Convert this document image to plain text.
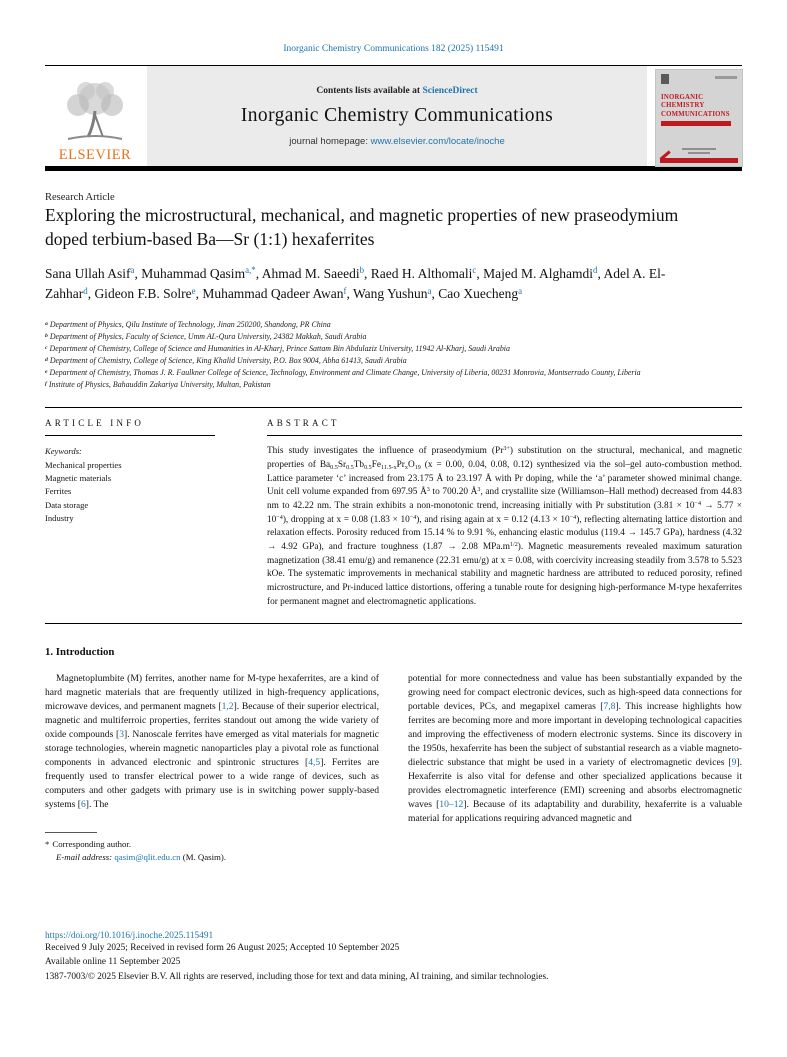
Inorganic Chemistry Communications 182 (2025) 115491
ELSEVIER
Contents lists available at ScienceDirect
Inorganic Chemistry Communications
journal homepage: www.elsevier.com/locate/inoche
INORGANIC
CHEMISTRY
COMMUNICATIONS
Research Article
Exploring the microstructural, mechanical, and magnetic properties of new praseodymium doped terbium-based Ba—Sr (1:1) hexaferrites
Sana Ullah Asif$^a$, Muhammad Qasim$^{a,*}$, Ahmad M. Saeedi$^b$, Raed H. Althomali$^c$, Majed M. Alghamdi$^d$, Adel A. El-Zahhar$^d$, Gideon F.B. Solre$^e$, Muhammad Qadeer Awan$^f$, Wang Yushun$^a$, Cao Xuecheng$^a$
$^a$ Department of Physics, Qilu Institute of Technology, Jinan 250200, Shandong, PR China
$^b$ Department of Physics, Faculty of Science, Umm AL-Qura University, 24382 Makkah, Saudi Arabia
$^c$ Department of Chemistry, College of Science and Humanities in Al-Kharj, Prince Sattam Bin Abdulaziz University, 11942 Al-Kharj, Saudi Arabia
$^d$ Department of Chemistry, College of Science, King Khalid University, P.O. Box 9004, Abha 61413, Saudi Arabia
$^e$ Department of Chemistry, Thomas J. R. Faulkner College of Science, Technology, Environment and Climate Change, University of Liberia, 00231 Monrovia, Montserrado County, Liberia
$^f$ Institute of Physics, Bahauddin Zakariya University, Multan, Pakistan
ARTICLE INFO
Keywords:
Mechanical properties
Magnetic materials
Ferrites
Data storage
Industry
ABSTRACT
This study investigates the influence of praseodymium $(Pr^{3+})$ substitution on the structural, mechanical, and magnetic properties of Ba0.5Sr0.5Tb0.5Fe11.5-xPrxO19 (x = 0.00, 0.04, 0.08, 0.12) synthesized via the sol–gel auto-combustion method. Lattice parameter ‘c’ increased from 23.175 Å to 23.197 Å with Pr doping, while the ‘a’ parameter showed minimal change. Unit cell volume expanded from 697.95 $Å^3$ to 700.20 $Å^3$, and crystallite size (Williamson–Hall method) decreased from 44.83 nm to 42.22 nm. The strain exhibits a non-monotonic trend, increasing initially with Pr substitution $(3.81 \times 10^{-4} \to 5.77 \times 10^{-4})$, dropping at x = 0.08 $(1.83 \times 10^{-4})$, and rising again at x = 0.12 $(4.13 \times 10^{-4})$, reflecting alternating lattice distortion and relaxation effects. Porosity reduced from 15.14 % to 9.91 %, enhancing elastic modulus (119.4 → 145.7 GPa), hardness (4.32 → 4.92 GPa), and fracture toughness (1.87 → 2.08 $MPa.m^{1/2}$). Magnetic measurements revealed maximum saturation magnetization (38.41 emu/g) and remanence (22.31 emu/g) at x = 0.08, with coercivity increasing steadily from 3.578 to 5.523 kOe. The systematic improvements in mechanical stability and magnetic hardness are attributed to reduced porosity, refined microstructure, and Pr-induced lattice distortions, offering a tunable route for designing high-performance M-type hexaferrites for permanent magnet and electromagnetic applications.
1. Introduction

Magnetoplumbite (M) ferrites, another name for M-type hexaferrites, are a kind of hard magnetic materials that are frequently utilized in high-frequency applications, microwave devices, and permanent magnets [1,2]. Because of their superior electrical, magnetic and multiferroic properties, ferrites standout out among the wide variety of oxide compounds [3]. Nanoscale ferrites have emerged as vital materials for magnetic storage technologies, wherein magnetic nanoparticles play a pivotal role as functional components in advanced electronic and spintronic structures [4,5]. Ferrites are frequently used to transfer electrical power to a wide range of devices, such as computers and other gadgets with primary use is in switching power supply-based systems [6]. The

* Corresponding author.
E-mail address: qasim@qlit.edu.cn (M. Qasim).

potential for more connectedness and value has been substantially expanded by the growing need for compact electronic devices, such as high-speed data connections for portable devices, PCs, and megapixel cameras [7,8]. This increase highlights how ferrites are becoming more and more important in developing technological capacities and improving the effectiveness of modern electronic systems. Since its discovery in the 1950s, hexaferrite has been the subject of substantial research as a viable magneto-dielectric substance that might be used in a variety of electromagnetic devices [9]. Hexaferrite is also vital for defense and other specialized applications because it provides electromagnetic interference (EMI) screening and absorbs electromagnetic waves [10–12]. Because of its adaptability and durability, hexaferrite is a valuable material for applications requiring advanced magnetic and

https://doi.org/10.1016/j.inoche.2025.115491
Received 9 July 2025; Received in revised form 26 August 2025; Accepted 10 September 2025
Available online 11 September 2025
1387-7003/© 2025 Elsevier B.V. All rights are reserved, including those for text and data mining, AI training, and similar technologies.
